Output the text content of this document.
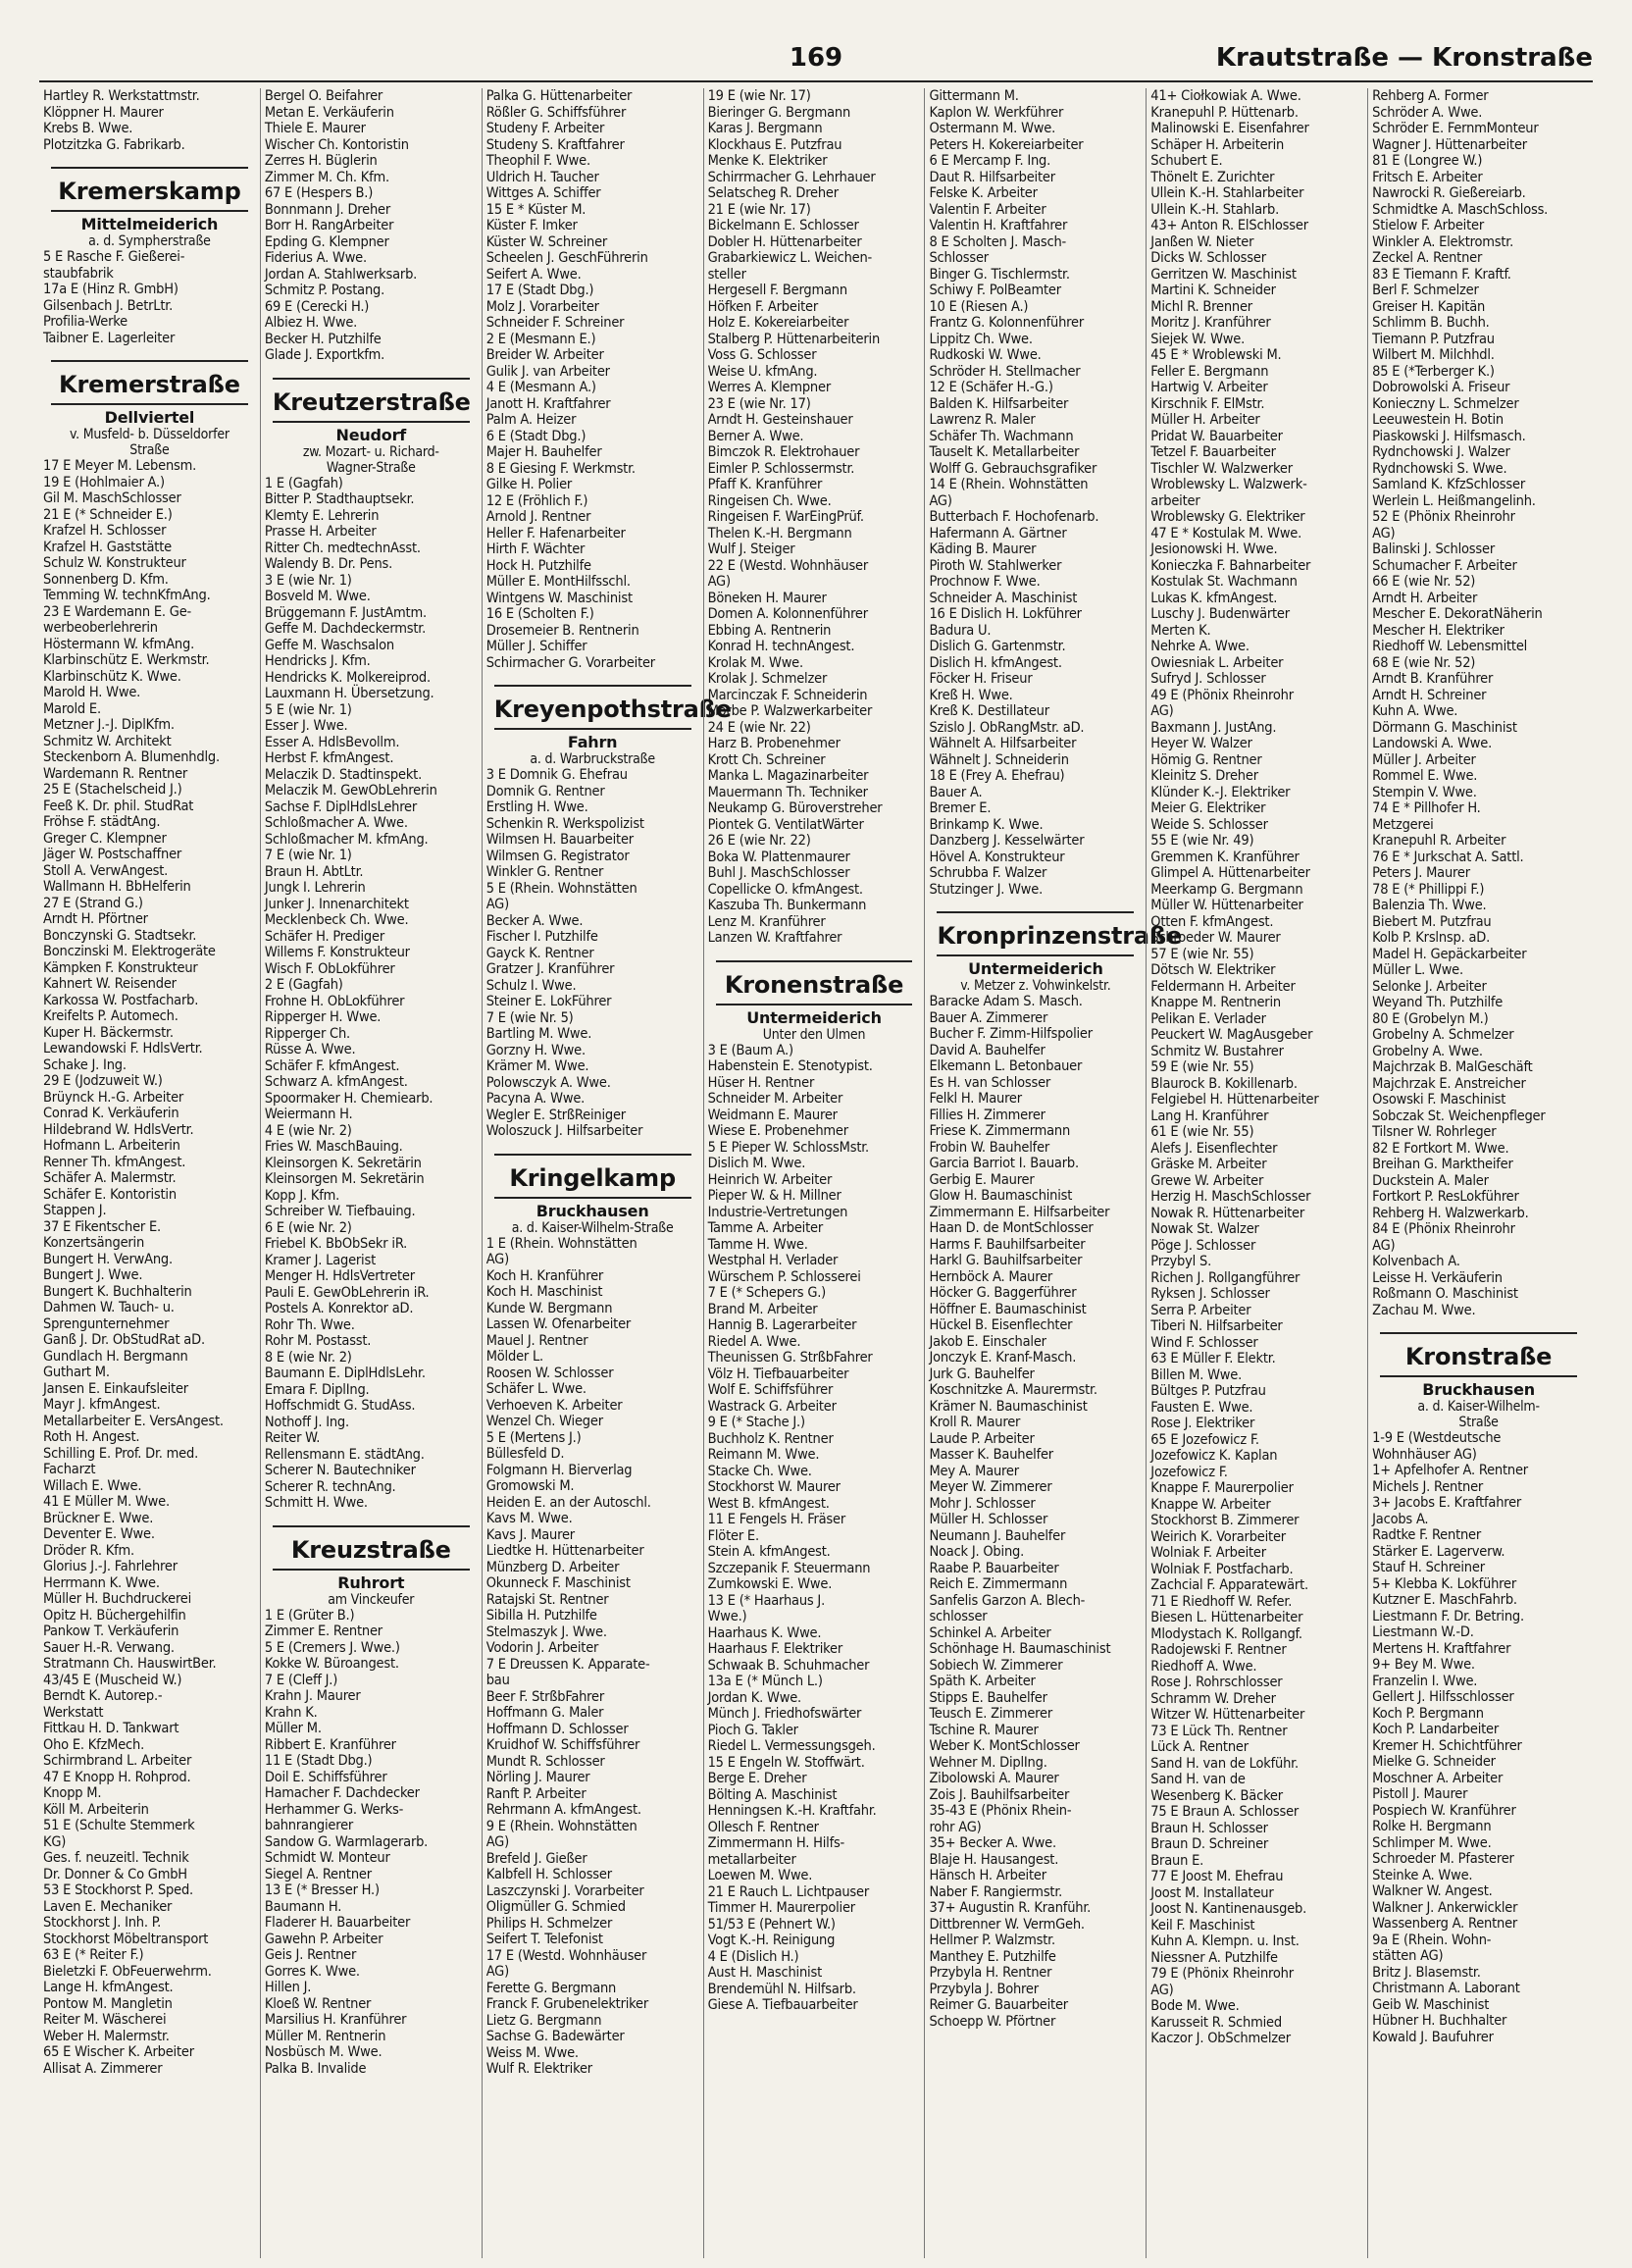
169	Krautstraße — Kronstraße
Hartley R. Werkstattmstr.
Klöppner H. Maurer
Krebs B. Wwe.
Plotzitzka G. Fabrikarb.
Kremerskamp
Mittelmeiderich
a. d. Sympherstraße
5 E Rasche F. Gießerei-
staubfabrik
17a E (Hinz R. GmbH)
Gilsenbach J. BetrLtr.
Profilia-Werke
Taibner E. Lagerleiter
Kremerstraße
Dellviertel
v. Musfeld- b. Düsseldorfer
Straße
17 E Meyer M. Lebensm.
19 E (Hohlmaier A.)
Gil M. MaschSchlosser
21 E (* Schneider E.)
Krafzel H. Schlosser
Krafzel H. Gaststätte
Schulz W. Konstrukteur
Sonnenberg D. Kfm.
Temming W. technKfmAng.
23 E Wardemann E. Ge-
werbeoberlehrerin
Höstermann W. kfmAng.
Klarbinschütz E. Werkmstr.
Klarbinschütz K. Wwe.
Marold H. Wwe.
Marold E.
Metzner J.-J. DiplKfm.
Schmitz W. Architekt
Steckenborn A. Blumenhdlg.
Wardemann R. Rentner
25 E (Stachelscheid J.)
Feeß K. Dr. phil. StudRat
Fröhse F. städtAng.
Greger C. Klempner
Jäger W. Postschaffner
Stoll A. VerwAngest.
Wallmann H. BbHelferin
27 E (Strand G.)
Arndt H. Pförtner
Bonczynski G. Stadtsekr.
Bonczinski M. Elektrogeräte
Kämpken F. Konstrukteur
Kahnert W. Reisender
Karkossa W. Postfacharb.
Kreifelts P. Automech.
Kuper H. Bäckermstr.
Lewandowski F. HdlsVertr.
Schake J. Ing.
29 E (Jodzuweit W.)
Brüynck H.-G. Arbeiter
Conrad K. Verkäuferin
Hildebrand W. HdlsVertr.
Hofmann L. Arbeiterin
Renner Th. kfmAngest.
Schäfer A. Malermstr.
Schäfer E. Kontoristin
Stappen J.
37 E Fikentscher E.
Konzertsängerin
Bungert H. VerwAng.
Bungert J. Wwe.
Bungert K. Buchhalterin
Dahmen W. Tauch- u.
Sprengunternehmer
Ganß J. Dr. ObStudRat aD.
Gundlach H. Bergmann
Guthart M.
Jansen E. Einkaufsleiter
Mayr J. kfmAngest.
Metallarbeiter E. VersAngest.
Roth H. Angest.
Schilling E. Prof. Dr. med.
Facharzt
Willach E. Wwe.
41 E Müller M. Wwe.
Brückner E. Wwe.
Deventer E. Wwe.
Dröder R. Kfm.
Glorius J.-J. Fahrlehrer
Herrmann K. Wwe.
Müller H. Buchdruckerei
Opitz H. Büchergehilfin
Pankow T. Verkäuferin
Sauer H.-R. Verwang.
Stratmann Ch. HauswirtBer.
43/45 E (Muscheid W.)
Berndt K. Autorep.-
Werkstatt
Fittkau H. D. Tankwart
Oho E. KfzMech.
Schirmbrand L. Arbeiter
47 E Knopp H. Rohprod.
Knopp M.
Köll M. Arbeiterin
51 E (Schulte Stemmerk
KG)
Ges. f. neuzeitl. Technik
Dr. Donner & Co GmbH
53 E Stockhorst P. Sped.
Laven E. Mechaniker
Stockhorst J. Inh. P.
Stockhorst Möbeltransport
63 E (* Reiter F.)
Bieletzki F. ObFeuerwehrm.
Lange H. kfmAngest.
Pontow M. Mangletin
Reiter M. Wäscherei
Weber H. Malermstr.
65 E Wischer K. Arbeiter
Allisat A. Zimmerer
Bergel O. Beifahrer
Metan E. Verkäuferin
Thiele E. Maurer
Wischer Ch. Kontoristin
Zerres H. Büglerin
Zimmer M. Ch. Kfm.
67 E (Hespers B.)
Bonnmann J. Dreher
Borr H. RangArbeiter
Epding G. Klempner
Fiderius A. Wwe.
Jordan A. Stahlwerksarb.
Schmitz P. Postang.
69 E (Cerecki H.)
Albiez H. Wwe.
Becker H. Putzhilfe
Glade J. Exportkfm.
Kreutzerstraße
Neudorf
zw. Mozart- u. Richard-
Wagner-Straße
1 E (Gagfah)
Bitter P. Stadthauptsekr.
Klemty E. Lehrerin
Prasse H. Arbeiter
Ritter Ch. medtechnAsst.
Walendy B. Dr. Pens.
3 E (wie Nr. 1)
Bosveld M. Wwe.
Brüggemann F. JustAmtm.
Geffe M. Dachdeckermstr.
Geffe M. Waschsalon
Hendricks J. Kfm.
Hendricks K. Molkereiprod.
Lauxmann H. Übersetzung.
5 E (wie Nr. 1)
Esser J. Wwe.
Esser A. HdlsBevollm.
Herbst F. kfmAngest.
Melaczik D. Stadtinspekt.
Melaczik M. GewObLehrerin
Sachse F. DiplHdlsLehrer
Schloßmacher A. Wwe.
Schloßmacher M. kfmAng.
7 E (wie Nr. 1)
Braun H. AbtLtr.
Jungk I. Lehrerin
Junker J. Innenarchitekt
Mecklenbeck Ch. Wwe.
Schäfer H. Prediger
Willems F. Konstrukteur
Wisch F. ObLokführer
2 E (Gagfah)
Frohne H. ObLokführer
Ripperger H. Wwe.
Ripperger Ch.
Rüsse A. Wwe.
Schäfer F. kfmAngest.
Schwarz A. kfmAngest.
Spoormaker H. Chemiearb.
Weiermann H.
4 E (wie Nr. 2)
Fries W. MaschBauing.
Kleinsorgen K. Sekretärin
Kleinsorgen M. Sekretärin
Kopp J. Kfm.
Schreiber W. Tiefbauing.
6 E (wie Nr. 2)
Friebel K. BbObSekr iR.
Kramer J. Lagerist
Menger H. HdlsVertreter
Pauli E. GewObLehrerin iR.
Postels A. Konrektor aD.
Rohr Th. Wwe.
Rohr M. Postasst.
8 E (wie Nr. 2)
Baumann E. DiplHdlsLehr.
Emara F. DiplIng.
Hoffschmidt G. StudAss.
Nothoff J. Ing.
Reiter W.
Rellensmann E. städtAng.
Scherer N. Bautechniker
Scherer R. technAng.
Schmitt H. Wwe.
Kreuzstraße
Ruhrort
am Vinckeufer
1 E (Grüter B.)
Zimmer E. Rentner
5 E (Cremers J. Wwe.)
Kokke W. Büroangest.
7 E (Cleff J.)
Krahn J. Maurer
Krahn K.
Müller M.
Ribbert E. Kranführer
11 E (Stadt Dbg.)
Doil E. Schiffsführer
Hamacher F. Dachdecker
Herhammer G. Werks-
bahnrangierer
Sandow G. Warmlagerarb.
Schmidt W. Monteur
Siegel A. Rentner
13 E (* Bresser H.)
Baumann H.
Fladerer H. Bauarbeiter
Gawehn P. Arbeiter
Geis J. Rentner
Gorres K. Wwe.
Hillen J.
Kloeß W. Rentner
Marsilius H. Kranführer
Müller M. Rentnerin
Nosbüsch M. Wwe.
Palka B. Invalide
Palka G. Hüttenarbeiter
Rößler G. Schiffsführer
Studeny F. Arbeiter
Studeny S. Kraftfahrer
Theophil F. Wwe.
Uldrich H. Taucher
Wittges A. Schiffer
15 E * Küster M.
Küster F. Imker
Küster W. Schreiner
Scheelen J. GeschFührerin
Seifert A. Wwe.
17 E (Stadt Dbg.)
Molz J. Vorarbeiter
Schneider F. Schreiner
2 E (Mesmann E.)
Breider W. Arbeiter
Gulik J. van Arbeiter
4 E (Mesmann A.)
Janott H. Kraftfahrer
Palm A. Heizer
6 E (Stadt Dbg.)
Majer H. Bauhelfer
8 E Giesing F. Werkmstr.
Gilke H. Polier
12 E (Fröhlich F.)
Arnold J. Rentner
Heller F. Hafenarbeiter
Hirth F. Wächter
Hock H. Putzhilfe
Müller E. MontHilfsschl.
Wintgens W. Maschinist
16 E (Scholten F.)
Drosemeier B. Rentnerin
Müller J. Schiffer
Schirmacher G. Vorarbeiter
Kreyenpothstraße
Fahrn
a. d. Warbruckstraße
3 E Domnik G. Ehefrau
Domnik G. Rentner
Erstling H. Wwe.
Schenkin R. Werkspolizist
Wilmsen H. Bauarbeiter
Wilmsen G. Registrator
Winkler G. Rentner
5 E (Rhein. Wohnstätten
AG)
Becker A. Wwe.
Fischer I. Putzhilfe
Gayck K. Rentner
Gratzer J. Kranführer
Schulz I. Wwe.
Steiner E. LokFührer
7 E (wie Nr. 5)
Bartling M. Wwe.
Gorzny H. Wwe.
Krämer M. Wwe.
Polowsczyk A. Wwe.
Pacyna A. Wwe.
Wegler E. StrßReiniger
Woloszuck J. Hilfsarbeiter
Kringelkamp
Bruckhausen
a. d. Kaiser-Wilhelm-Straße
1 E (Rhein. Wohnstätten
AG)
Koch H. Kranführer
Koch H. Maschinist
Kunde W. Bergmann
Lassen W. Ofenarbeiter
Mauel J. Rentner
Mölder L.
Roosen W. Schlosser
Schäfer L. Wwe.
Verhoeven K. Arbeiter
Wenzel Ch. Wieger
5 E (Mertens J.)
Büllesfeld D.
Folgmann H. Bierverlag
Gromowski M.
Heiden E. an der Autoschl.
Kavs M. Wwe.
Kavs J. Maurer
Liedtke H. Hüttenarbeiter
Münzberg D. Arbeiter
Okunneck F. Maschinist
Ratajski St. Rentner
Sibilla H. Putzhilfe
Stelmaszyk J. Wwe.
Vodorin J. Arbeiter
7 E Dreussen K. Apparate-
bau
Beer F. StrßbFahrer
Hoffmann G. Maler
Hoffmann D. Schlosser
Kruidhof W. Schiffsführer
Mundt R. Schlosser
Nörling J. Maurer
Ranft P. Arbeiter
Rehrmann A. kfmAngest.
9 E (Rhein. Wohnstätten
AG)
Brefeld J. Gießer
Kalbfell H. Schlosser
Laszczynski J. Vorarbeiter
Oligmüller G. Schmied
Philips H. Schmelzer
Seifert T. Telefonist
17 E (Westd. Wohnhäuser
AG)
Ferette G. Bergmann
Franck F. Grubenelektriker
Lietz G. Bergmann
Sachse G. Badewärter
Weiss M. Wwe.
Wulf R. Elektriker
19 E (wie Nr. 17)
Bieringer G. Bergmann
Karas J. Bergmann
Klockhaus E. Putzfrau
Menke K. Elektriker
Schirrmacher G. Lehrhauer
Selatscheg R. Dreher
21 E (wie Nr. 17)
Bickelmann E. Schlosser
Dobler H. Hüttenarbeiter
Grabarkiewicz L. Weichen-
steller
Hergesell F. Bergmann
Höfken F. Arbeiter
Holz E. Kokereiarbeiter
Stalberg P. Hüttenarbeiterin
Voss G. Schlosser
Weise U. kfmAng.
Werres A. Klempner
23 E (wie Nr. 17)
Arndt H. Gesteinshauer
Berner A. Wwe.
Bimczok R. Elektrohauer
Eimler P. Schlossermstr.
Pfaff K. Kranführer
Ringeisen Ch. Wwe.
Ringeisen F. WarEingPrüf.
Thelen K.-H. Bergmann
Wulf J. Steiger
22 E (Westd. Wohnhäuser
AG)
Böneken H. Maurer
Domen A. Kolonnenführer
Ebbing A. Rentnerin
Konrad H. technAngest.
Krolak M. Wwe.
Krolak J. Schmelzer
Marcinczak F. Schneiderin
Morbe P. Walzwerkarbeiter
24 E (wie Nr. 22)
Harz B. Probenehmer
Krott Ch. Schreiner
Manka L. Magazinarbeiter
Mauermann Th. Techniker
Neukamp G. Büroverstreher
Piontek G. VentilatWärter
26 E (wie Nr. 22)
Boka W. Plattenmaurer
Buhl J. MaschSchlosser
Copellicke O. kfmAngest.
Kaszuba Th. Bunkermann
Lenz M. Kranführer
Lanzen W. Kraftfahrer
Kronenstraße
Untermeiderich
Unter den Ulmen
3 E (Baum A.)
Habenstein E. Stenotypist.
Hüser H. Rentner
Schneider M. Arbeiter
Weidmann E. Maurer
Wiese E. Probenehmer
5 E Pieper W. SchlossMstr.
Dislich M. Wwe.
Heinrich W. Arbeiter
Pieper W. & H. Millner
Industrie-Vertretungen
Tamme A. Arbeiter
Tamme H. Wwe.
Westphal H. Verlader
Würschem P. Schlosserei
7 E (* Schepers G.)
Brand M. Arbeiter
Hannig B. Lagerarbeiter
Riedel A. Wwe.
Theunissen G. StrßbFahrer
Völz H. Tiefbauarbeiter
Wolf E. Schiffsführer
Wastrack G. Arbeiter
9 E (* Stache J.)
Buchholz K. Rentner
Reimann M. Wwe.
Stacke Ch. Wwe.
Stockhorst W. Maurer
West B. kfmAngest.
11 E Fengels H. Fräser
Flöter E.
Stein A. kfmAngest.
Szczepanik F. Steuermann
Zumkowski E. Wwe.
13 E (* Haarhaus J.
Wwe.)
Haarhaus K. Wwe.
Haarhaus F. Elektriker
Schwaak B. Schuhmacher
13a E (* Münch L.)
Jordan K. Wwe.
Münch J. Friedhofswärter
Pioch G. Takler
Riedel L. Vermessungsgeh.
15 E Engeln W. Stoffwärt.
Berge E. Dreher
Bölting A. Maschinist
Henningsen K.-H. Kraftfahr.
Ollesch F. Rentner
Zimmermann H. Hilfs-
metallarbeiter
Loewen M. Wwe.
21 E Rauch L. Lichtpauser
Timmer H. Maurerpolier
51/53 E (Pehnert W.)
Vogt K.-H. Reinigung
4 E (Dislich H.)
Aust H. Maschinist
Brendemühl N. Hilfsarb.
Giese A. Tiefbauarbeiter
Gittermann M.
Kaplon W. Werkführer
Ostermann M. Wwe.
Peters H. Kokereiarbeiter
6 E Mercamp F. Ing.
Daut R. Hilfsarbeiter
Felske K. Arbeiter
Valentin F. Arbeiter
Valentin H. Kraftfahrer
8 E Scholten J. Masch-
Schlosser
Binger G. Tischlermstr.
Schiwy F. PolBeamter
10 E (Riesen A.)
Frantz G. Kolonnenführer
Lippitz Ch. Wwe.
Rudkoski W. Wwe.
Schröder H. Stellmacher
12 E (Schäfer H.-G.)
Balden K. Hilfsarbeiter
Lawrenz R. Maler
Schäfer Th. Wachmann
Tauselt K. Metallarbeiter
Wolff G. Gebrauchsgrafiker
14 E (Rhein. Wohnstätten
AG)
Butterbach F. Hochofenarb.
Hafermann A. Gärtner
Käding B. Maurer
Piroth W. Stahlwerker
Prochnow F. Wwe.
Schneider A. Maschinist
16 E Dislich H. Lokführer
Badura U.
Dislich G. Gartenmstr.
Dislich H. kfmAngest.
Föcker H. Friseur
Kreß H. Wwe.
Kreß K. Destillateur
Szislo J. ObRangMstr. aD.
Wähnelt A. Hilfsarbeiter
Wähnelt J. Schneiderin
18 E (Frey A. Ehefrau)
Bauer A.
Bremer E.
Brinkamp K. Wwe.
Danzberg J. Kesselwärter
Hövel A. Konstrukteur
Schrubba F. Walzer
Stutzinger J. Wwe.
Kronprinzenstraße
Untermeiderich
v. Metzer z. Vohwinkelstr.
Baracke Adam S. Masch.
Bauer A. Zimmerer
Bucher F. Zimm-Hilfspolier
David A. Bauhelfer
Elkemann L. Betonbauer
Es H. van Schlosser
Felkl H. Maurer
Fillies H. Zimmerer
Friese K. Zimmermann
Frobin W. Bauhelfer
Garcia Barriot I. Bauarb.
Gerbig E. Maurer
Glow H. Baumaschinist
Zimmermann E. Hilfsarbeiter
Haan D. de MontSchlosser
Harms F. Bauhilfsarbeiter
Harkl G. Bauhilfsarbeiter
Hernböck A. Maurer
Höcker G. Baggerführer
Höffner E. Baumaschinist
Hückel B. Eisenflechter
Jakob E. Einschaler
Jonczyk E. Kranf-Masch.
Jurk G. Bauhelfer
Koschnitzke A. Maurermstr.
Krämer N. Baumaschinist
Kroll R. Maurer
Laude P. Arbeiter
Masser K. Bauhelfer
Mey A. Maurer
Meyer W. Zimmerer
Mohr J. Schlosser
Müller H. Schlosser
Neumann J. Bauhelfer
Noack J. Obing.
Raabe P. Bauarbeiter
Reich E. Zimmermann
Sanfelis Garzon A. Blech-
schlosser
Schinkel A. Arbeiter
Schönhage H. Baumaschinist
Sobiech W. Zimmerer
Späth K. Arbeiter
Stipps E. Bauhelfer
Teusch E. Zimmerer
Tschine R. Maurer
Weber K. MontSchlosser
Wehner M. DiplIng.
Zibolowski A. Maurer
Zois J. Bauhilfsarbeiter
35-43 E (Phönix Rhein-
rohr AG)
35+ Becker A. Wwe.
Blaje H. Hausangest.
Hänsch H. Arbeiter
Naber F. Rangiermstr.
37+ Augustin R. Kranführ.
Dittbrenner W. VermGeh.
Hellmer P. Walzmstr.
Manthey E. Putzhilfe
Przybyla H. Rentner
Przybyla J. Bohrer
Reimer G. Bauarbeiter
Schoepp W. Pförtner
41+ Ciołkowiak A. Wwe.
Kranepuhl P. Hüttenarb.
Malinowski E. Eisenfahrer
Schäper H. Arbeiterin
Schubert E.
Thönelt E. Zurichter
Ullein K.-H. Stahlarbeiter
Ullein K.-H. Stahlarb.
43+ Anton R. ElSchlosser
Janßen W. Nieter
Dicks W. Schlosser
Gerritzen W. Maschinist
Martini K. Schneider
Michl R. Brenner
Moritz J. Kranführer
Siejek W. Wwe.
45 E * Wroblewski M.
Feller E. Bergmann
Hartwig V. Arbeiter
Kirschnik F. ElMstr.
Müller H. Arbeiter
Pridat W. Bauarbeiter
Tetzel F. Bauarbeiter
Tischler W. Walzwerker
Wroblewsky L. Walzwerk-
arbeiter
Wroblewsky G. Elektriker
47 E * Kostulak M. Wwe.
Jesionowski H. Wwe.
Konieczka F. Bahnarbeiter
Kostulak St. Wachmann
Lukas K. kfmAngest.
Luschy J. Budenwärter
Merten K.
Nehrke A. Wwe.
Owiesniak L. Arbeiter
Sufryd J. Schlosser
49 E (Phönix Rheinrohr
AG)
Baxmann J. JustAng.
Heyer W. Walzer
Hömig G. Rentner
Kleinitz S. Dreher
Klünder K.-J. Elektriker
Meier G. Elektriker
Weide S. Schlosser
55 E (wie Nr. 49)
Gremmen K. Kranführer
Glimpel A. Hüttenarbeiter
Meerkamp G. Bergmann
Müller W. Hüttenarbeiter
Otten F. kfmAngest.
Schroeder W. Maurer
57 E (wie Nr. 55)
Dötsch W. Elektriker
Feldermann H. Arbeiter
Knappe M. Rentnerin
Pelikan E. Verlader
Peuckert W. MagAusgeber
Schmitz W. Bustahrer
59 E (wie Nr. 55)
Blaurock B. Kokillenarb.
Felgiebel H. Hüttenarbeiter
Lang H. Kranführer
61 E (wie Nr. 55)
Alefs J. Eisenflechter
Gräske M. Arbeiter
Grewe W. Arbeiter
Herzig H. MaschSchlosser
Nowak R. Hüttenarbeiter
Nowak St. Walzer
Pöge J. Schlosser
Przybyl S.
Richen J. Rollgangführer
Ryksen J. Schlosser
Serra P. Arbeiter
Tiberi N. Hilfsarbeiter
Wind F. Schlosser
63 E Müller F. Elektr.
Billen M. Wwe.
Bültges P. Putzfrau
Fausten E. Wwe.
Rose J. Elektriker
65 E Jozefowicz F.
Jozefowicz K. Kaplan
Jozefowicz F.
Knappe F. Maurerpolier
Knappe W. Arbeiter
Stockhorst B. Zimmerer
Weirich K. Vorarbeiter
Wolniak F. Arbeiter
Wolniak F. Postfacharb.
Zachcial F. Apparatewärt.
71 E Riedhoff W. Refer.
Biesen L. Hüttenarbeiter
Mlodystach K. Rollgangf.
Radojewski F. Rentner
Riedhoff A. Wwe.
Rose J. Rohrschlosser
Schramm W. Dreher
Witzer W. Hüttenarbeiter
73 E Lück Th. Rentner
Lück A. Rentner
Sand H. van de Lokführ.
Sand H. van de
Wesenberg K. Bäcker
75 E Braun A. Schlosser
Braun H. Schlosser
Braun D. Schreiner
Braun E.
77 E Joost M. Ehefrau
Joost M. Installateur
Joost N. Kantinenausgeb.
Keil F. Maschinist
Kuhn A. Klempn. u. Inst.
Niessner A. Putzhilfe
79 E (Phönix Rheinrohr
AG)
Bode M. Wwe.
Karusseit R. Schmied
Kaczor J. ObSchmelzer
Rehberg A. Former
Schröder A. Wwe.
Schröder E. FernmMonteur
Wagner J. Hüttenarbeiter
81 E (Longree W.)
Fritsch E. Arbeiter
Nawrocki R. Gießereiarb.
Schmidtke A. MaschSchloss.
Stielow F. Arbeiter
Winkler A. Elektromstr.
Zeckel A. Rentner
83 E Tiemann F. Kraftf.
Berl F. Schmelzer
Greiser H. Kapitän
Schlimm B. Buchh.
Tiemann P. Putzfrau
Wilbert M. Milchhdl.
85 E (*Terberger K.)
Dobrowolski A. Friseur
Konieczny L. Schmelzer
Leeuwestein H. Botin
Piaskowski J. Hilfsmasch.
Rydnchowski J. Walzer
Rydnchowski S. Wwe.
Samland K. KfzSchlosser
Werlein L. Heißmangelinh.
52 E (Phönix Rheinrohr
AG)
Balinski J. Schlosser
Schumacher F. Arbeiter
66 E (wie Nr. 52)
Arndt H. Arbeiter
Mescher E. DekoratNäherin
Mescher H. Elektriker
Riedhoff W. Lebensmittel
68 E (wie Nr. 52)
Arndt B. Kranführer
Arndt H. Schreiner
Kuhn A. Wwe.
Dörmann G. Maschinist
Landowski A. Wwe.
Müller J. Arbeiter
Rommel E. Wwe.
Stempin V. Wwe.
74 E * Pillhofer H.
Metzgerei
Kranepuhl R. Arbeiter
76 E * Jurkschat A. Sattl.
Peters J. Maurer
78 E (* Phillippi F.)
Balenzia Th. Wwe.
Biebert M. Putzfrau
Kolb P. Krslnsp. aD.
Madel H. Gepäckarbeiter
Müller L. Wwe.
Selonke J. Arbeiter
Weyand Th. Putzhilfe
80 E (Grobelyn M.)
Grobelny A. Schmelzer
Grobelny A. Wwe.
Majchrzak B. MalGeschäft
Majchrzak E. Anstreicher
Osowski F. Maschinist
Sobczak St. Weichenpfleger
Tilsner W. Rohrleger
82 E Fortkort M. Wwe.
Breihan G. Marktheifer
Duckstein A. Maler
Fortkort P. ResLokführer
Rehberg H. Walzwerkarb.
84 E (Phönix Rheinrohr
AG)
Kolvenbach A.
Leisse H. Verkäuferin
Roßmann O. Maschinist
Zachau M. Wwe.
Kronstraße
Bruckhausen
a. d. Kaiser-Wilhelm-
Straße
1-9 E (Westdeutsche
Wohnhäuser AG)
1+ Apfelhofer A. Rentner
Michels J. Rentner
3+ Jacobs E. Kraftfahrer
Jacobs A.
Radtke F. Rentner
Stärker E. Lagerverw.
Stauf H. Schreiner
5+ Klebba K. Lokführer
Kutzner E. MaschFahrb.
Liestmann F. Dr. Betring.
Liestmann W.-D.
Mertens H. Kraftfahrer
9+ Bey M. Wwe.
Franzelin I. Wwe.
Gellert J. Hilfsschlosser
Koch P. Bergmann
Koch P. Landarbeiter
Kremer H. Schichtführer
Mielke G. Schneider
Moschner A. Arbeiter
Pistoll J. Maurer
Pospiech W. Kranführer
Rolke H. Bergmann
Schlimper M. Wwe.
Schroeder M. Pfasterer
Steinke A. Wwe.
Walkner W. Angest.
Walkner J. Ankerwickler
Wassenberg A. Rentner
9a E (Rhein. Wohn-
stätten AG)
Britz J. Blasemstr.
Christmann A. Laborant
Geib W. Maschinist
Hübner H. Buchhalter
Kowald J. Baufuhrer
